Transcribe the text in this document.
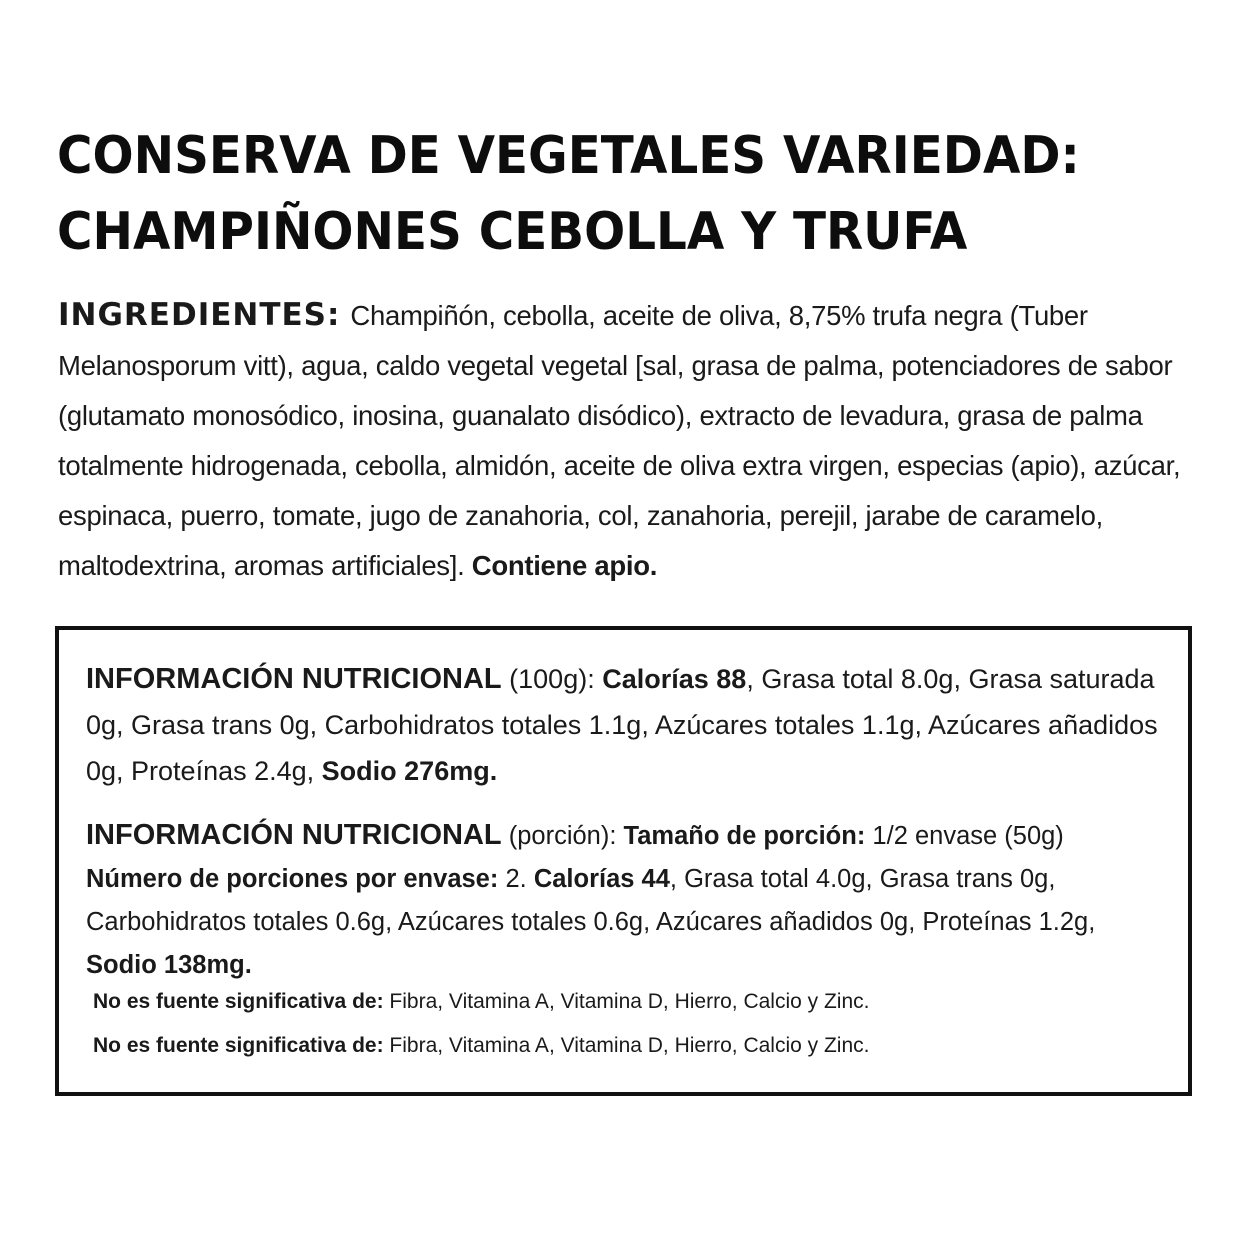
CONSERVA DE VEGETALES VARIEDAD:
CHAMPIÑONES CEBOLLA Y TRUFA

INGREDIENTES: Champiñón, cebolla, aceite de oliva, 8,75% trufa negra (Tuber Melanosporum vitt), agua, caldo vegetal vegetal [sal, grasa de palma, potenciadores de sabor (glutamato monosódico, inosina, guanalato disódico), extracto de levadura, grasa de palma totalmente hidrogenada, cebolla, almidón, aceite de oliva extra virgen, especias (apio), azúcar, espinaca, puerro, tomate, jugo de zanahoria, col, zanahoria, perejil, jarabe de caramelo, maltodextrina, aromas artificiales]. Contiene apio.

INFORMACIÓN NUTRICIONAL (100g): Calorías 88, Grasa total 8.0g, Grasa saturada 0g, Grasa trans 0g, Carbohidratos totales 1.1g, Azúcares totales 1.1g, Azúcares añadidos 0g, Proteínas 2.4g, Sodio 276mg.

INFORMACIÓN NUTRICIONAL (porción): Tamaño de porción: 1/2 envase (50g) Número de porciones por envase: 2. Calorías 44, Grasa total 4.0g, Grasa trans 0g, Carbohidratos totales 0.6g, Azúcares totales 0.6g, Azúcares añadidos 0g, Proteínas 1.2g, Sodio 138mg.

No es fuente significativa de: Fibra, Vitamina A, Vitamina D, Hierro, Calcio y Zinc.

No es fuente significativa de: Fibra, Vitamina A, Vitamina D, Hierro, Calcio y Zinc.
